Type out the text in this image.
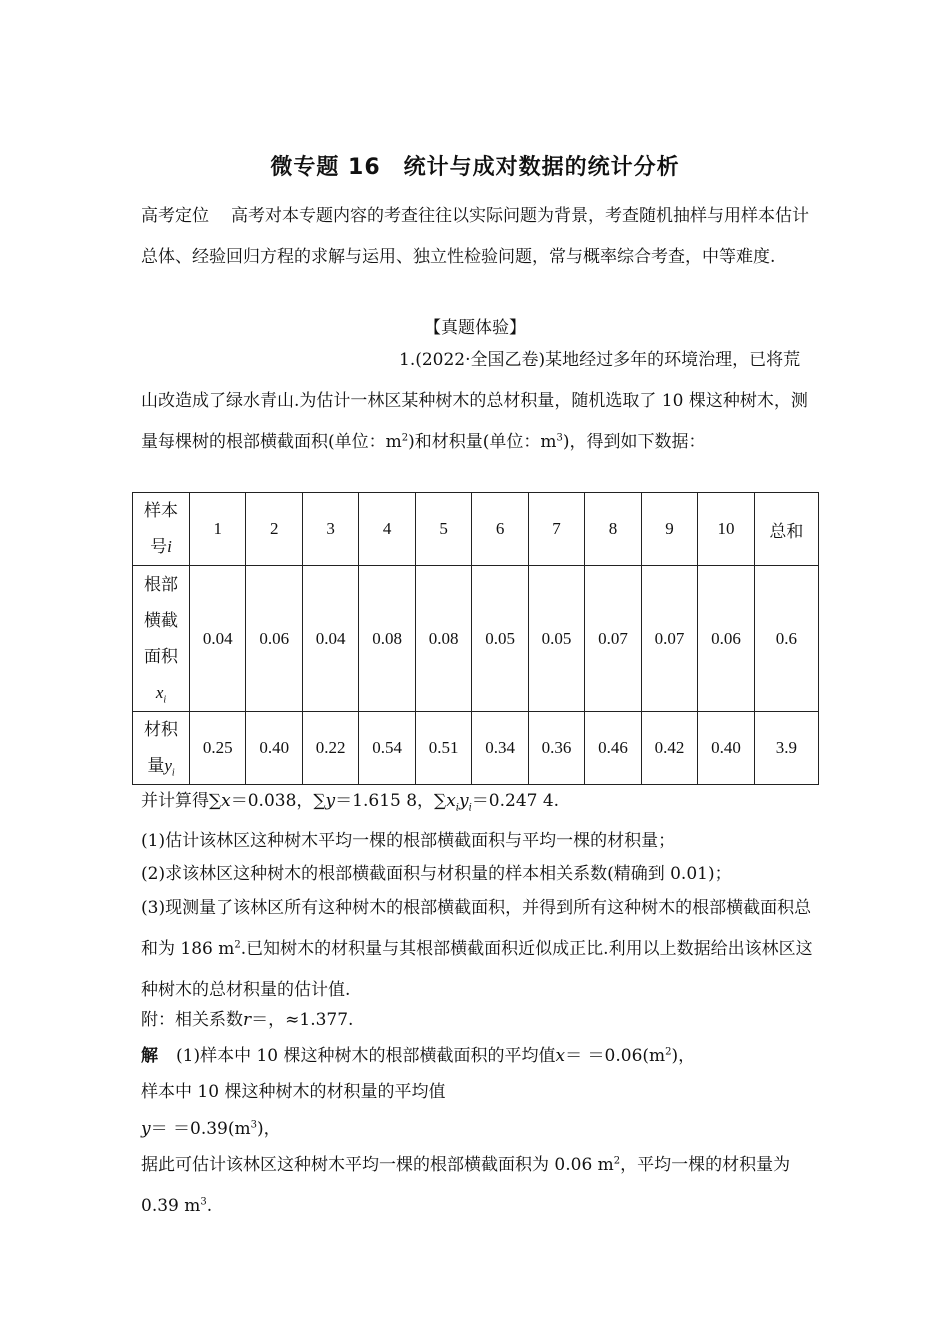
微专题 16　统计与成对数据的统计分析

高考定位 高考对本专题内容的考查往往以实际问题为背景，考查随机抽样与用样本估计总体、经验回归方程的求解与运用、独立性检验问题，常与概率综合考查，中等难度.

【真题体验】

1.(2022·全国乙卷)某地经过多年的环境治理，已将荒山改造成了绿水青山.为估计一林区某种树木的总材积量，随机选取了 10 棵这种树木，测量每棵树的根部横截面积(单位：$m^2$)和材积量(单位：$m^3$)，得到如下数据：

样本
号i	1	2	3	4	5	6	7	8	9	10	总和
根部
横截
面积
$x_i$	0.04	0.06	0.04	0.08	0.08	0.05	0.05	0.07	0.07	0.06	0.6
材积
量$y_i$	0.25	0.40	0.22	0.54	0.51	0.34	0.36	0.46	0.42	0.40	3.9
并计算得∑x＝0.038，∑y＝1.615 8，$\sum x_iy_i=0.247$ 4.
(1)估计该林区这种树木平均一棵的根部横截面积与平均一棵的材积量；
(2)求该林区这种树木的根部横截面积与材积量的样本相关系数(精确到 0.01)；

(3)现测量了该林区所有这种树木的根部横截面积，并得到所有这种树木的根部横截面积总和为 186 $m^2$.已知树木的材积量与其根部横截面积近似成正比.利用以上数据给出该林区这种树木的总材积量的估计值.

附：相关系数r＝，≈1.377.
解 (1)样本中 10 棵这种树木的根部横截面积的平均值$x= =0.06(m^2)$，
样本中 10 棵这种树木的材积量的平均值
$y= =0.39(m^3)$，

据此可估计该林区这种树木平均一棵的根部横截面积为 0.06 $m^2$，平均一棵的材积量为 0.39 $m^3$.
